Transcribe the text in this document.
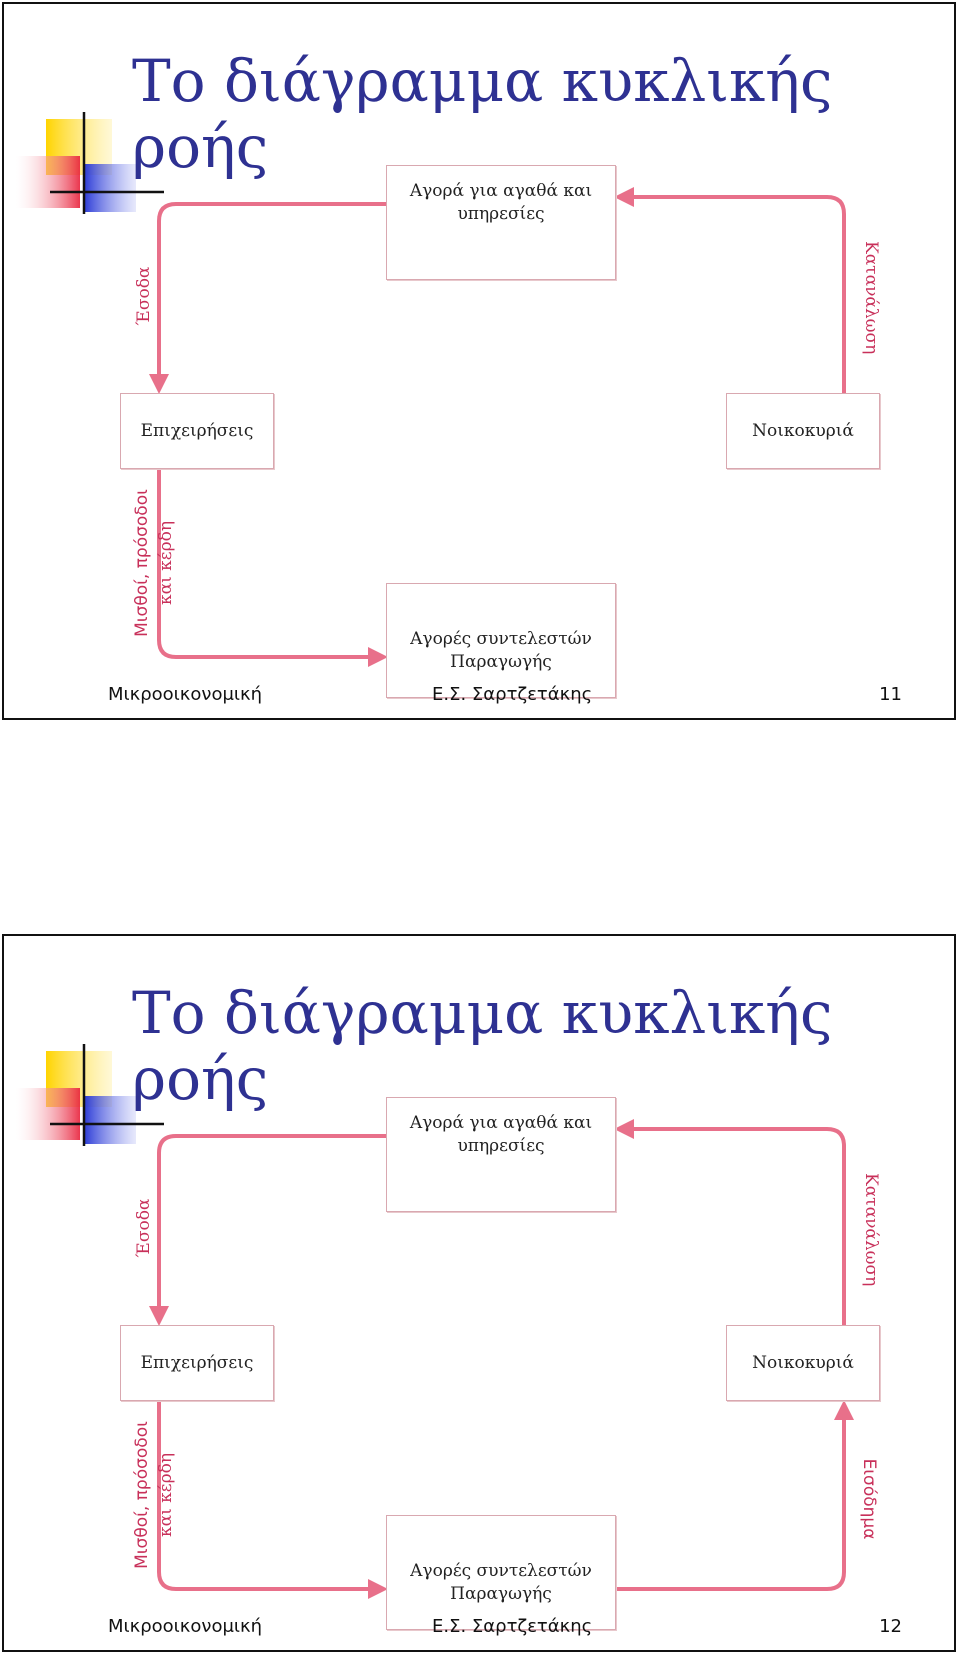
Το διάγραμμα κυκλικής
ροής
Αγορά για αγαθά και
υπηρεσίες
Επιχειρήσεις	Νοικοκυριά
Αγορές συντελεστών
Παραγωγής
Έσοδα	Κατανάλωση
Μισθοί, πρόσοδοι και κέρδη
Μικροοικονομική	Ε.Σ. Σαρτζετάκης	11
Το διάγραμμα κυκλικής
ροής
Αγορά για αγαθά και
υπηρεσίες
Επιχειρήσεις	Νοικοκυριά
Αγορές συντελεστών
Παραγωγής
Έσοδα	Κατανάλωση
Μισθοί, πρόσοδοι και κέρδη	Εισόδημα
Μικροοικονομική	Ε.Σ. Σαρτζετάκης	12
